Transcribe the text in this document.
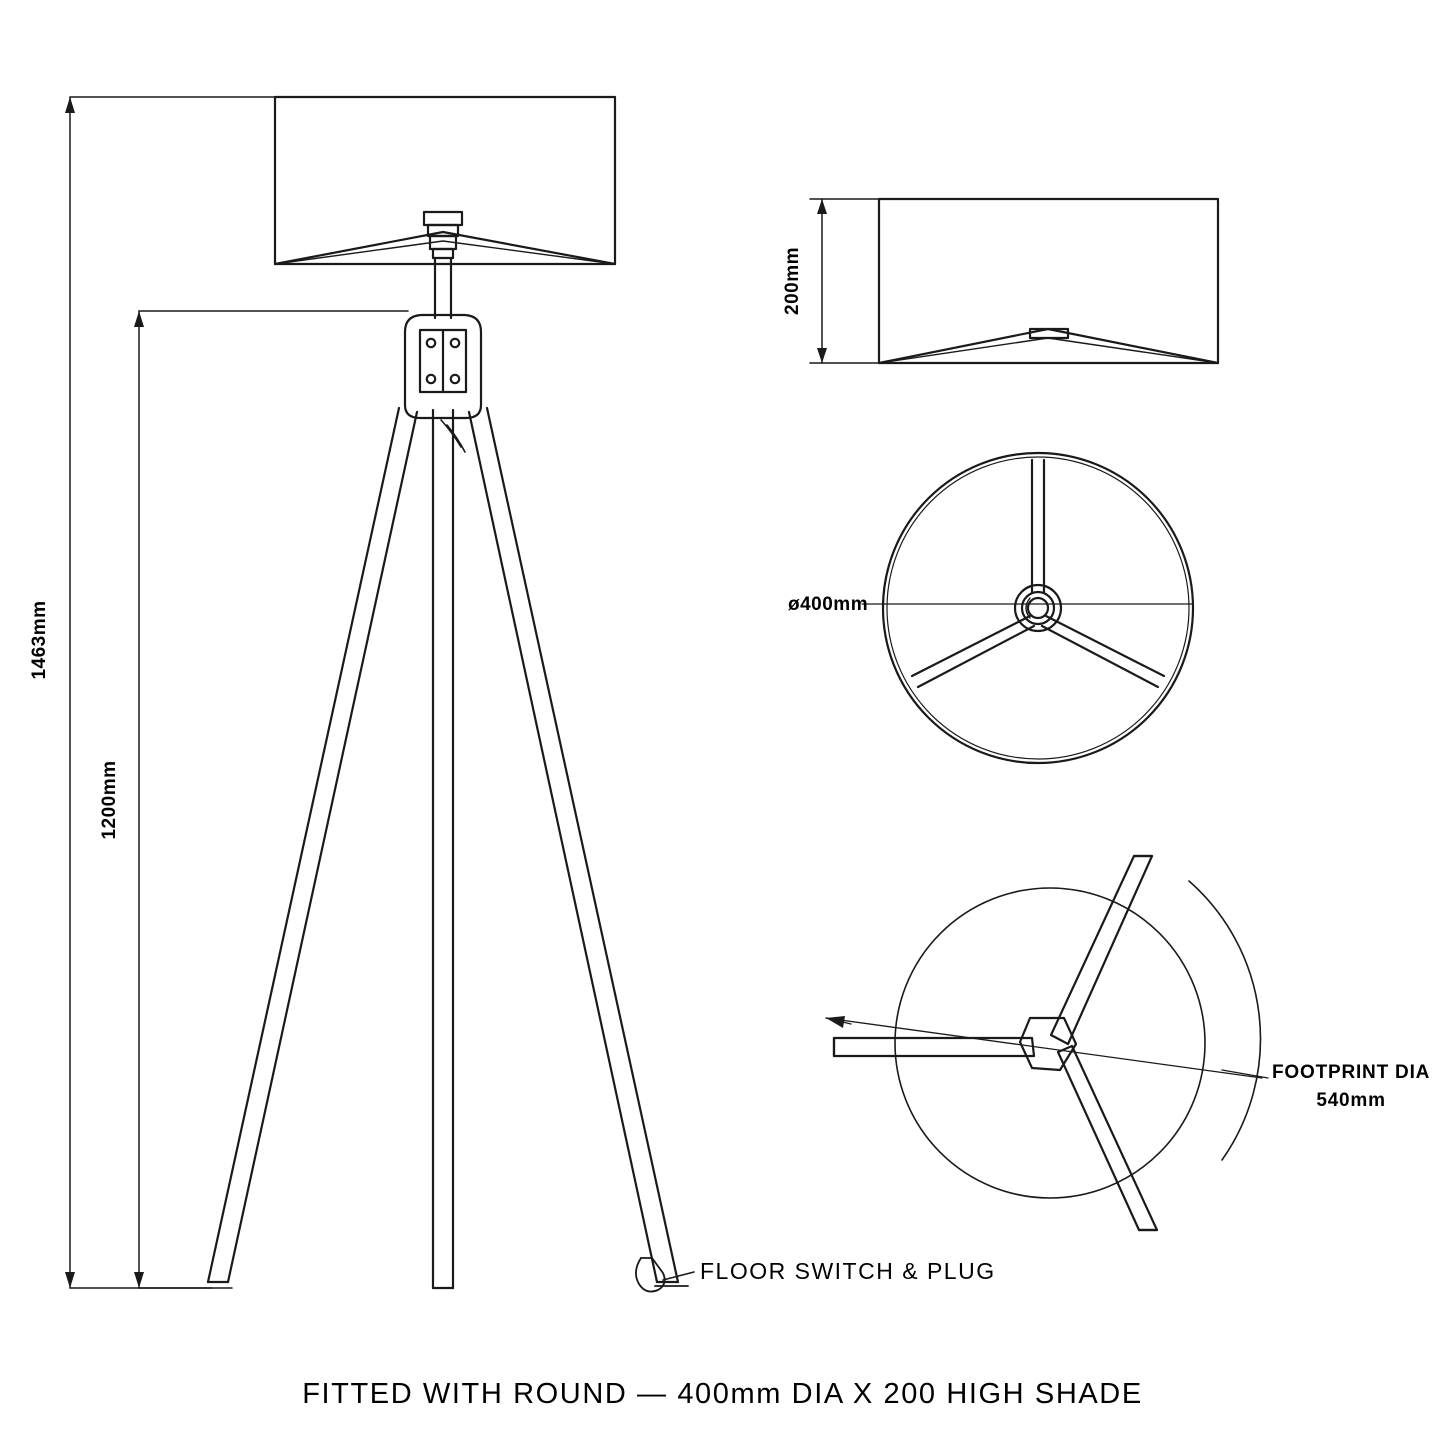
1463mm
1200mm
200mm
ø400mm
FOOTPRINT DIA
540mm
FLOOR SWITCH & PLUG
FITTED WITH ROUND — 400mm DIA X 200 HIGH SHADE
